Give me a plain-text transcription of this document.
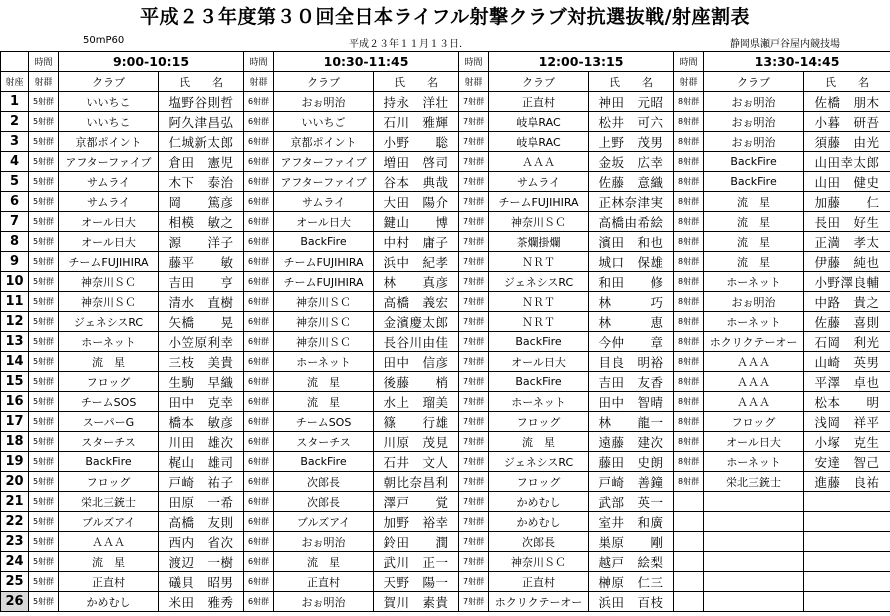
平成２３年度第３０回全日本ライフル射撃クラブ対抗選抜戦/射座割表
50mP60	平成２３年１１月１３日.	静岡県瀬戸谷屋内競技場
	時間	9:00-10:15		時間	10:30-11:45		時間	12:00-13:15		時間	13:30-14:45	
射座	射群	クラブ	氏　　名	射群	クラブ	氏　　名	射群	クラブ	氏　　名	射群	クラブ	氏　　名
1	5射群	いいちこ	塩野谷則哲	6射群	おぉ明治	持永　洋壮	7射群	正直村	神田　元昭	8射群	おぉ明治	佐橋　朋木
2	5射群	いいちこ	阿久津昌弘	6射群	いいちご	石川　雅輝	7射群	岐阜RAC	松井　可六	8射群	おぉ明治	小暮　研吾
3	5射群	京都ポイント	仁城新太郎	6射群	京都ポイント	小野　　聡	7射群	岐阜RAC	上野　茂男	8射群	おぉ明治	須藤　由光
4	5射群	アフターファイブ	倉田　憲児	6射群	アフターファイブ	増田　啓司	7射群	ＡＡＡ	金坂　広幸	8射群	BackFire	山田幸太郎
5	5射群	サムライ	木下　泰治	6射群	アフターファイブ	谷本　典哉	7射群	サムライ	佐藤　意織	8射群	BackFire	山田　健史
6	5射群	サムライ	岡　　篤彦	6射群	サムライ	大田　陽介	7射群	チームFUJIHIRA	正林奈津実	8射群	流　星	加藤　　仁
7	5射群	オール日大	相模　敏之	6射群	オール日大	鍵山　　博	7射群	神奈川ＳＣ	高橋由希絵	8射群	流　星	長田　好生
8	5射群	オール日大	源　　洋子	6射群	BackFire	中村　庸子	7射群	茶爛掛爛	濱田　和也	8射群	流　星	正満　孝太
9	5射群	チームFUJIHIRA	藤平　　敏	6射群	チームFUJIHIRA	浜中　紀孝	7射群	ＮＲＴ	城口　保雄	8射群	流　星	伊藤　純也
10	5射群	神奈川ＳＣ	吉田　　亨	6射群	チームFUJIHIRA	林　　真彦	7射群	ジェネシスRC	和田　　修	8射群	ホーネット	小野澤良輔
11	5射群	神奈川ＳＣ	清水　直樹	6射群	神奈川ＳＣ	高橋　義宏	7射群	ＮＲＴ	林　　　巧	8射群	おぉ明治	中路　貴之
12	5射群	ジェネシスRC	矢橋　　晃	6射群	神奈川ＳＣ	金濱慶太郎	7射群	ＮＲＴ	林　　　恵	8射群	ホーネット	佐藤　喜則
13	5射群	ホーネット	小笠原利幸	6射群	神奈川ＳＣ	長谷川由佳	7射群	BackFire	今仲　　章	8射群	ホクリクテーオー	石岡　利光
14	5射群	流　星	三枝　美貴	6射群	ホーネット	田中　信彦	7射群	オール日大	目良　明裕	8射群	ＡＡＡ	山崎　英男
15	5射群	フロッグ	生駒　早織	6射群	流　星	後藤　　梢	7射群	BackFire	吉田　友香	8射群	ＡＡＡ	平澤　卓也
16	5射群	チームSOS	田中　克幸	6射群	流　星	水上　瑠美	7射群	ホーネット	田中　智晴	8射群	ＡＡＡ	松本　　明
17	5射群	スーパーG	橋本　敏彦	6射群	チームSOS	篠　　行雄	7射群	フロッグ	林　　龍一	8射群	フロッグ	浅岡　祥平
18	5射群	スターチス	川田　雄次	6射群	スターチス	川原　茂見	7射群	流　星	遠藤　建次	8射群	オール日大	小塚　克生
19	5射群	BackFire	梶山　雄司	6射群	BackFire	石井　文人	7射群	ジェネシスRC	藤田　史朗	8射群	ホーネット	安達　智己
20	5射群	フロッグ	戸崎　祐子	6射群	次郎長	朝比奈昌利	7射群	フロッグ	戸崎　善鐘	8射群	栄北三銃士	進藤　良祐
21	5射群	栄北三銃士	田原　一希	6射群	次郎長	澤戸　　覚	7射群	かめむし	武部　英一			
22	5射群	ブルズアイ	高橋　友則	6射群	ブルズアイ	加野　裕幸	7射群	かめむし	室井　和廣			
23	5射群	ＡＡＡ	西内　省次	6射群	おぉ明治	鈴田　　潤	7射群	次郎長	巣原　　剛			
24	5射群	流　星	渡辺　一樹	6射群	流　星	武川　正一	7射群	神奈川ＳＣ	越戸　絵梨			
25	5射群	正直村	礒貝　昭男	6射群	正直村	天野　陽一	7射群	正直村	榊原　仁三			
26	5射群	かめむし	米田　雅秀	6射群	おぉ明治	賀川　素貴	7射群	ホクリクテーオー	浜田　百枝			
